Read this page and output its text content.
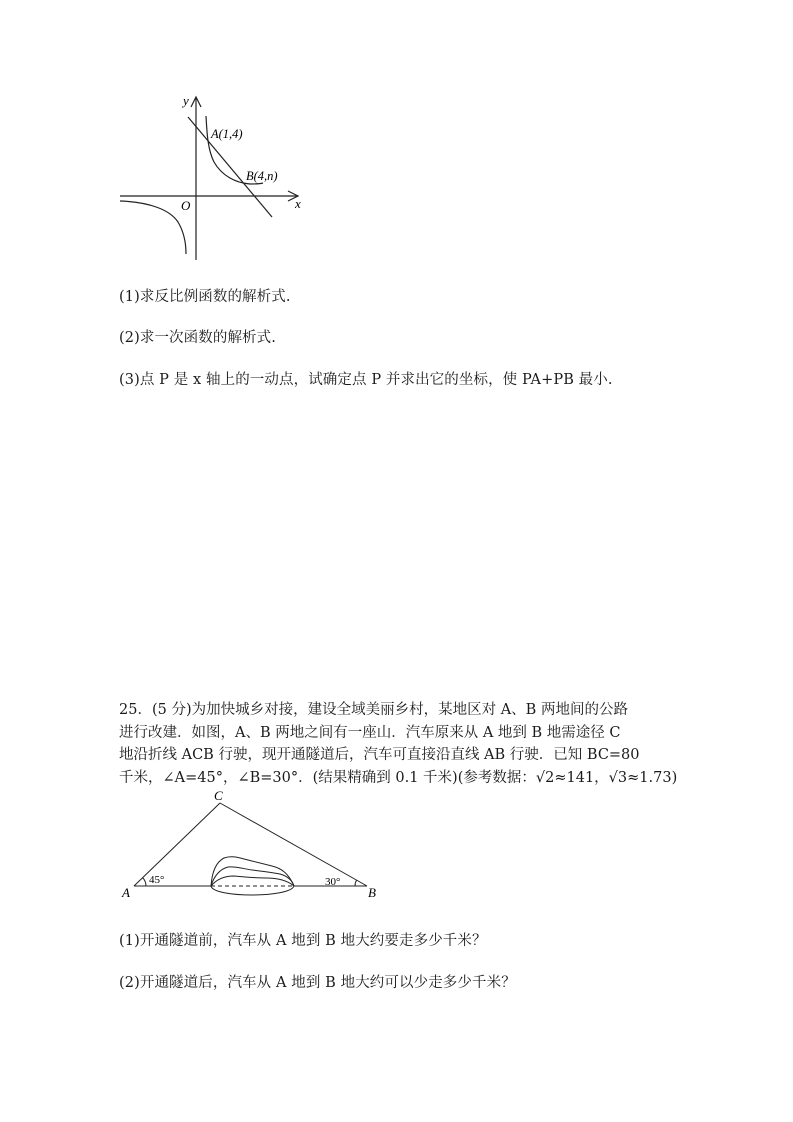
y
x
O
A(1,4)
B(4,n)
(1)求反比例函数的解析式.
(2)求一次函数的解析式.
(3)点 P 是 x 轴上的一动点，试确定点 P 并求出它的坐标，使 PA+PB 最小.
25．(5 分)为加快城乡对接，建设全域美丽乡村，某地区对 A、B 两地间的公路
进行改建．如图，A、B 两地之间有一座山．汽车原来从 A 地到 B 地需途径 C
地沿折线 ACB 行驶，现开通隧道后，汽车可直接沿直线 AB 行驶．已知 BC=80
千米，∠A=45°，∠B=30°．(结果精确到 0.1 千米)(参考数据：√2≈141，√3≈1.73)
C
A	B
45°	30°
(1)开通隧道前，汽车从 A 地到 B 地大约要走多少千米？
(2)开通隧道后，汽车从 A 地到 B 地大约可以少走多少千米？
